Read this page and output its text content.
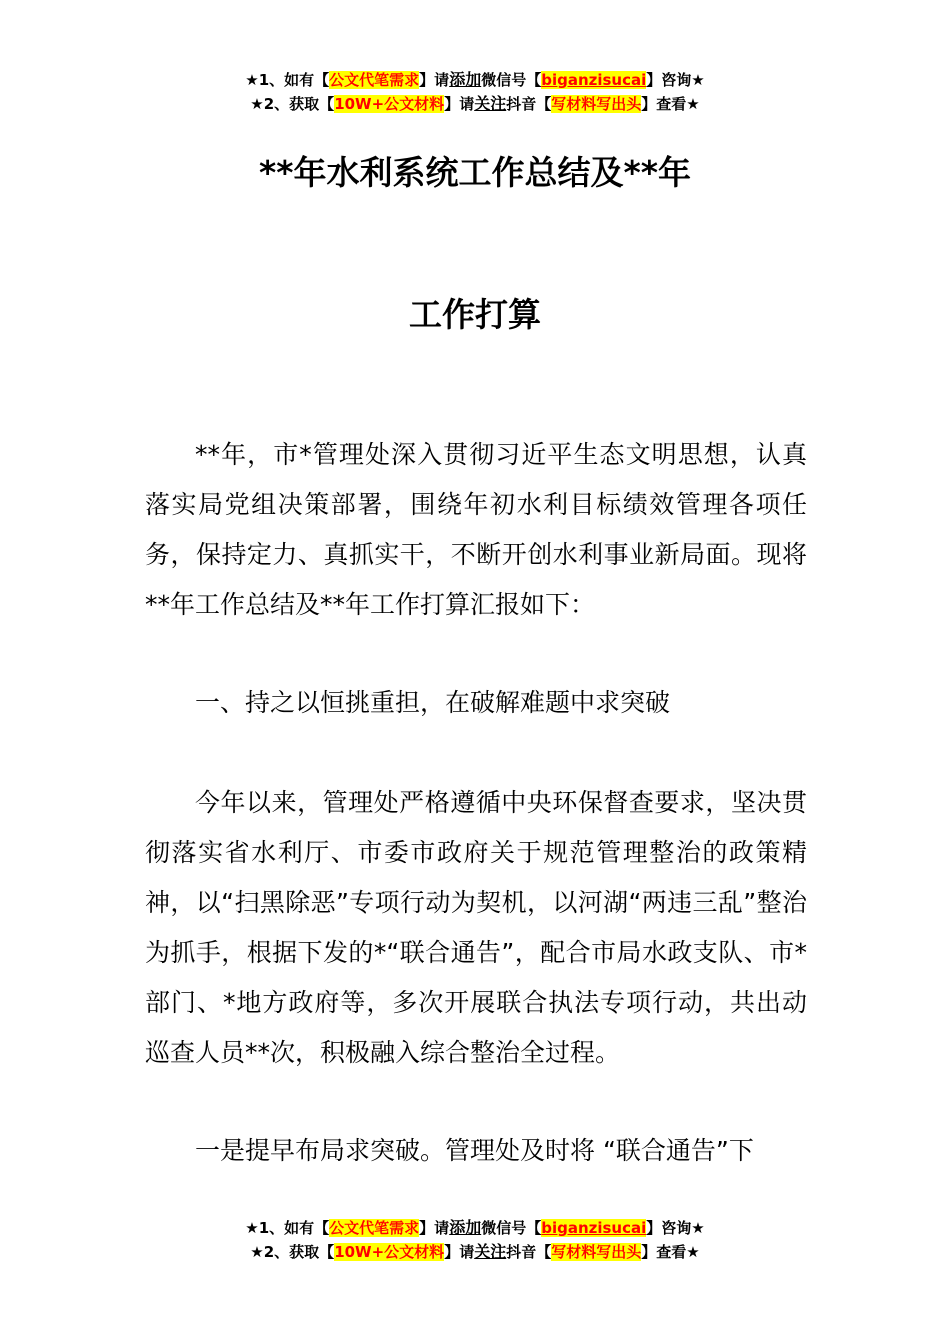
★1、如有【公文代笔需求】请添加微信号【biganzisucai】咨询★
★2、获取【10W+公文材料】请关注抖音【写材料写出头】查看★
**年水利系统工作总结及**年
工作打算

**年，市*管理处深入贯彻习近平生态文明思想，认真落实局党组决策部署，围绕年初水利目标绩效管理各项任务，保持定力、真抓实干，不断开创水利事业新局面。现将**年工作总结及**年工作打算汇报如下：

一、持之以恒挑重担，在破解难题中求突破

今年以来，管理处严格遵循中央环保督查要求，坚决贯彻落实省水利厅、市委市政府关于规范管理整治的政策精神，以“扫黑除恶”专项行动为契机，以河湖“两违三乱”整治为抓手，根据下发的*“联合通告”，配合市局水政支队、市*部门、*地方政府等，多次开展联合执法专项行动，共出动巡查人员**次，积极融入综合整治全过程。

一是提早布局求突破。管理处及时将 “联合通告”下

★1、如有【公文代笔需求】请添加微信号【biganzisucai】咨询★
★2、获取【10W+公文材料】请关注抖音【写材料写出头】查看★
